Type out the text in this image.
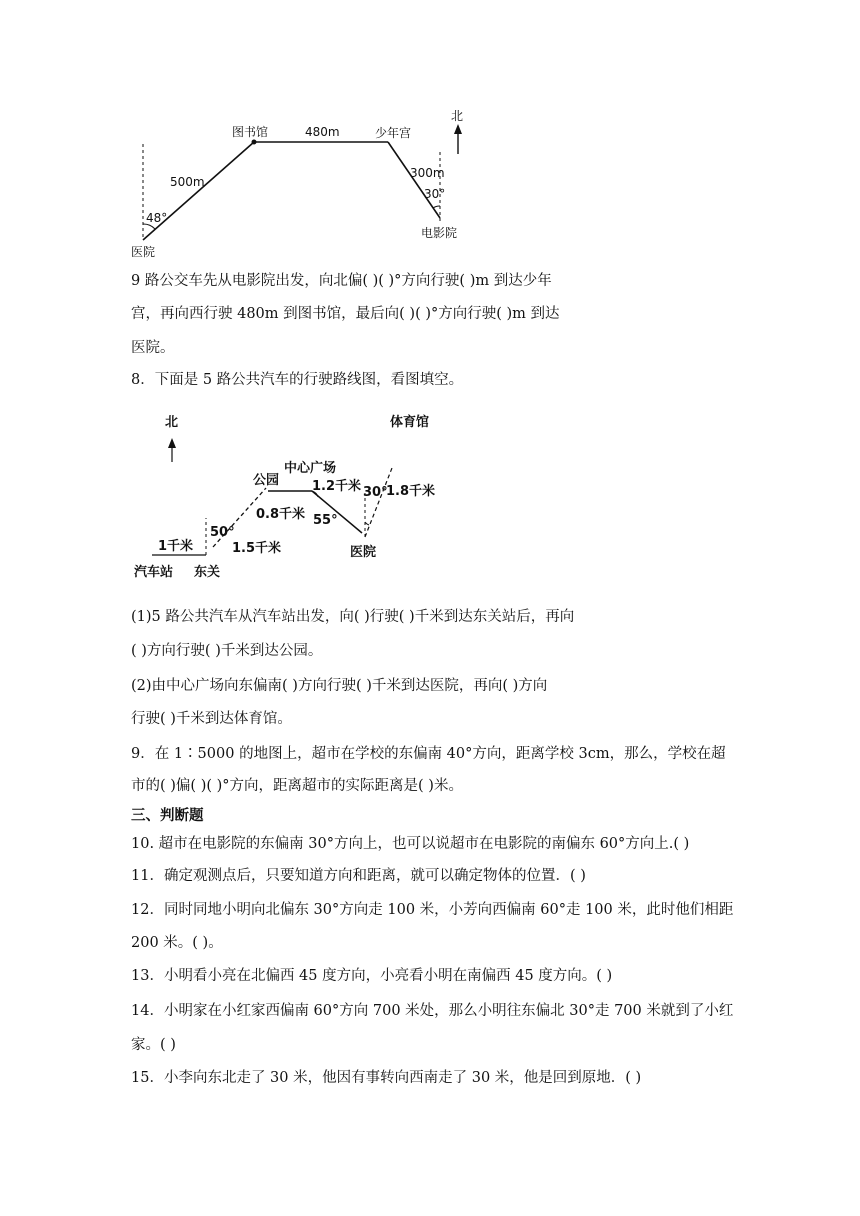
图书馆	480m	少年宫
北
500m
300m
30°
48°
医院
电影院
北	体育馆
中心广场
公园	1.2千米 30°
1.8千米
50°
0.8千米 55°
1千米	1.5千米	医院
汽车站 东关
9 路公交车先从电影院出发，向北偏( )( )°方向行驶( )m 到达少年
宫，再向西行驶 480m 到图书馆，最后向( )( )°方向行驶( )m 到达
医院。
8．下面是 5 路公共汽车的行驶路线图，看图填空。
(1)5 路公共汽车从汽车站出发，向( )行驶( )千米到达东关站后，再向
( )方向行驶( )千米到达公园。
(2)由中心广场向东偏南( )方向行驶( )千米到达医院，再向( )方向
行驶( )千米到达体育馆。
9．在 1∶5000 的地图上，超市在学校的东偏南 40°方向，距离学校 3cm，那么，学校在超
市的( )偏( )( )°方向，距离超市的实际距离是( )米。
三、判断题
10. 超市在电影院的东偏南 30°方向上，也可以说超市在电影院的南偏东 60°方向上.( )
11．确定观测点后，只要知道方向和距离，就可以确定物体的位置．( )
12．同时同地小明向北偏东 30°方向走 100 米，小芳向西偏南 60°走 100 米，此时他们相距
200 米。( )。
13．小明看小亮在北偏西 45 度方向，小亮看小明在南偏西 45 度方向。( )
14．小明家在小红家西偏南 60°方向 700 米处，那么小明往东偏北 30°走 700 米就到了小红
家。( )
15．小李向东北走了 30 米，他因有事转向西南走了 30 米，他是回到原地．( )
